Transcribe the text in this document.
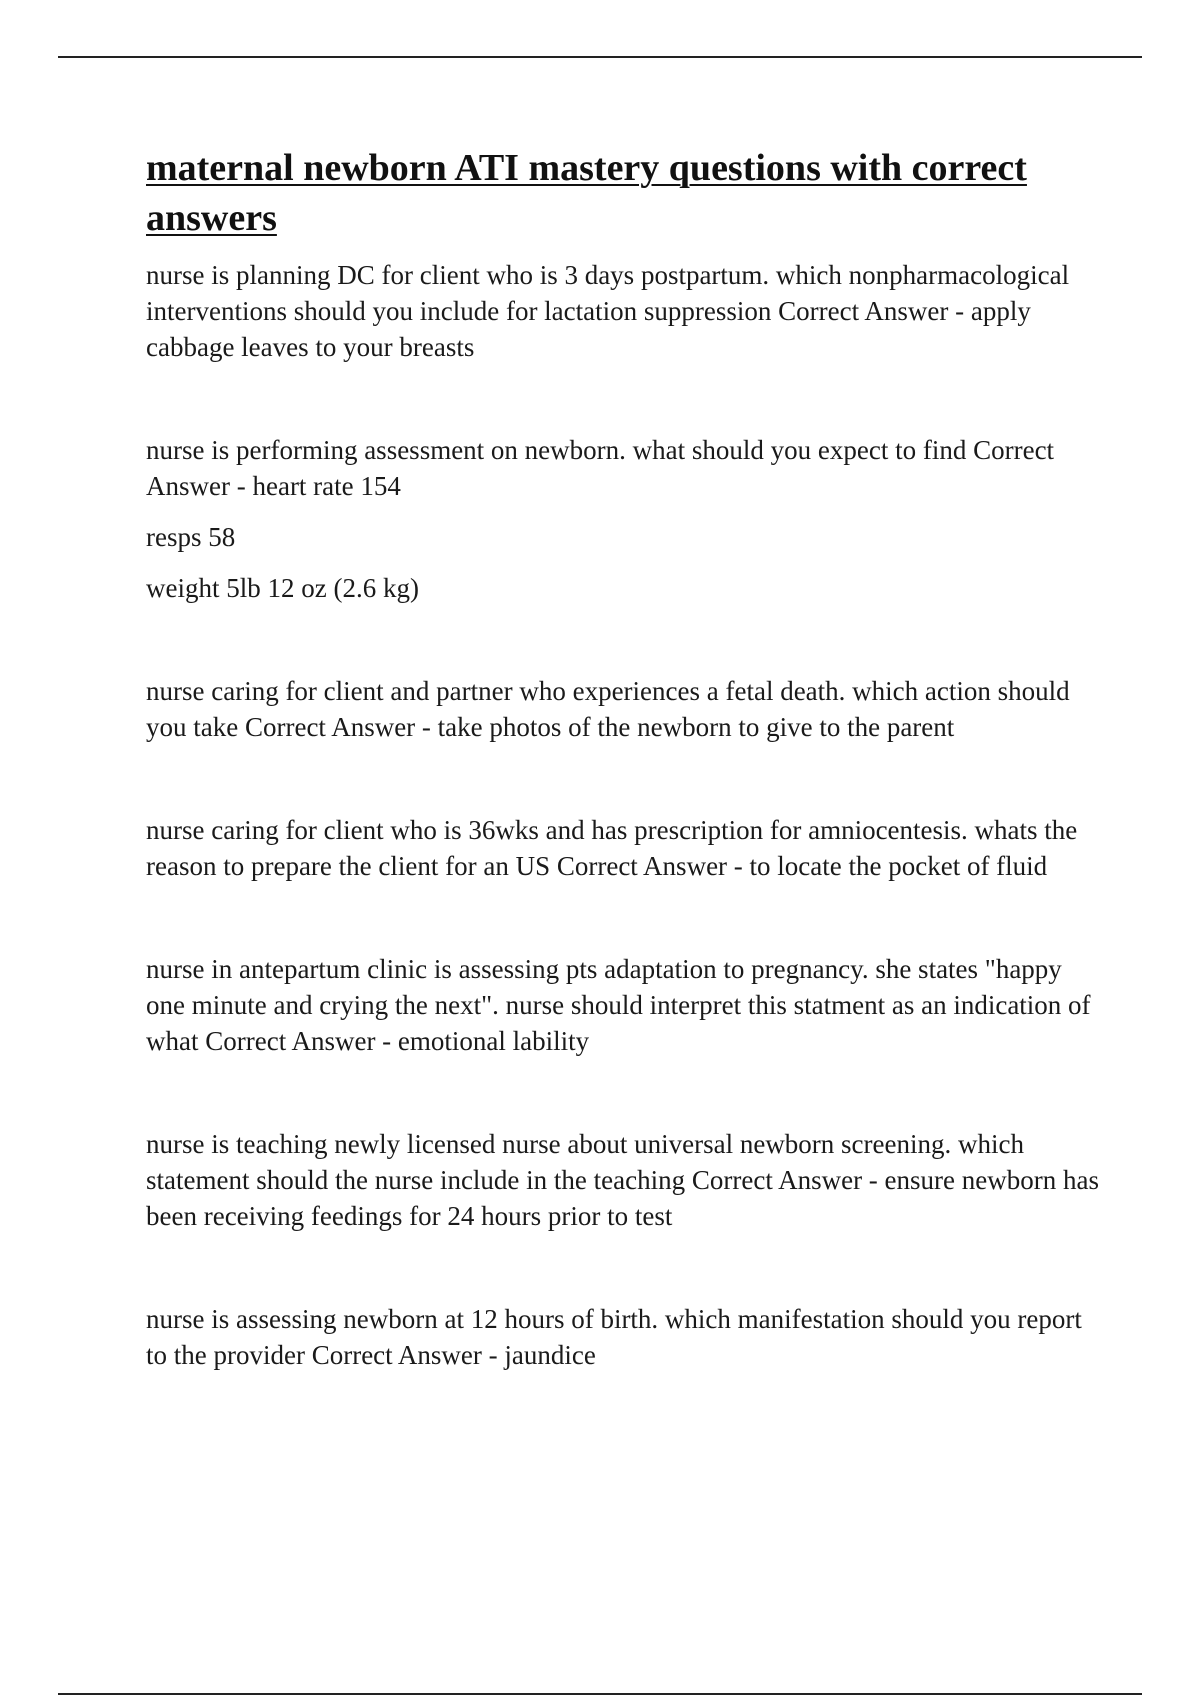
maternal newborn ATI mastery questions with correct answers

nurse is planning DC for client who is 3 days postpartum. which nonpharmacological interventions should you include for lactation suppression Correct Answer - apply cabbage leaves to your breasts

nurse is performing assessment on newborn. what should you expect to find Correct Answer - heart rate 154

resps 58

weight 5lb 12 oz (2.6 kg)

nurse caring for client and partner who experiences a fetal death. which action should you take Correct Answer - take photos of the newborn to give to the parent

nurse caring for client who is 36wks and has prescription for amniocentesis. whats the reason to prepare the client for an US Correct Answer - to locate the pocket of fluid

nurse in antepartum clinic is assessing pts adaptation to pregnancy. she states "happy one minute and crying the next". nurse should interpret this statment as an indication of what Correct Answer - emotional lability

nurse is teaching newly licensed nurse about universal newborn screening. which statement should the nurse include in the teaching Correct Answer - ensure newborn has been receiving feedings for 24 hours prior to test

nurse is assessing newborn at 12 hours of birth. which manifestation should you report to the provider Correct Answer - jaundice
